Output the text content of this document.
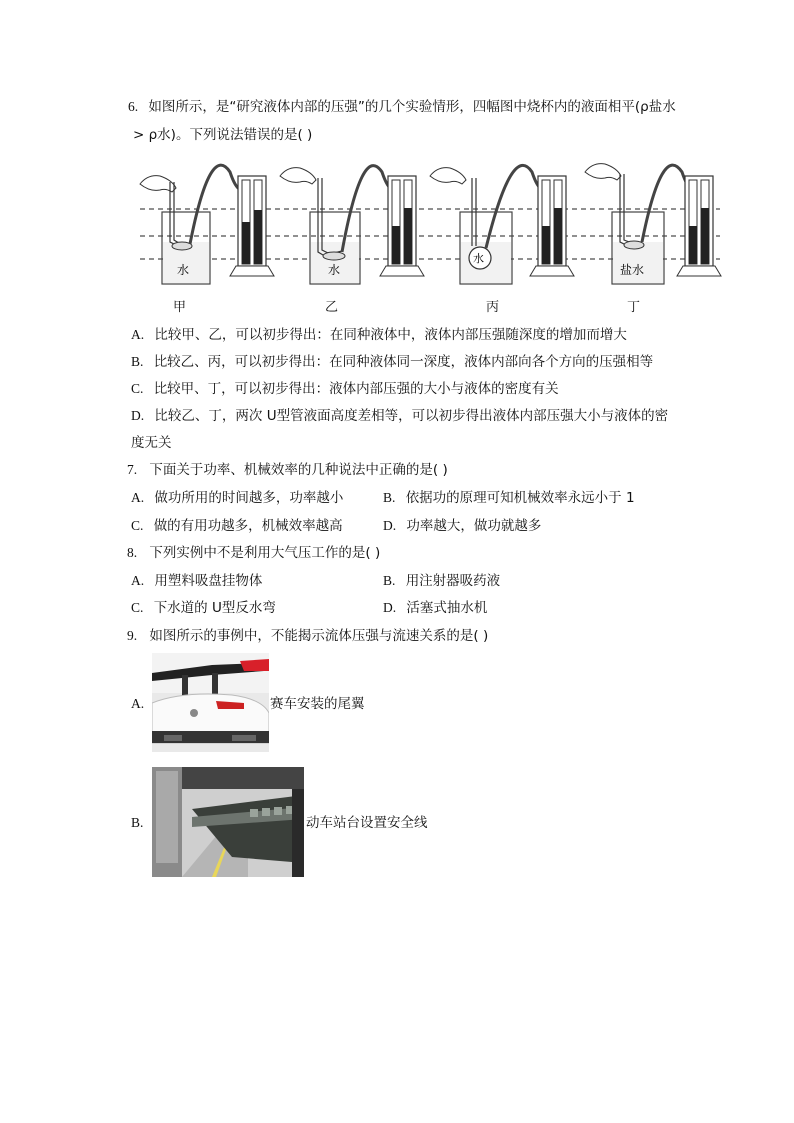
6. 如图所示，是“研究液体内部的压强”的几个实验情形，四幅图中烧杯内的液面相平(ρ盐水
> ρ水)。下列说法错误的是( )
水	水
水
盐水
甲	乙	丙	丁
A. 比较甲、乙，可以初步得出：在同种液体中，液体内部压强随深度的增加而增大
B. 比较乙、丙，可以初步得出：在同种液体同一深度，液体内部向各个方向的压强相等
C. 比较甲、丁，可以初步得出：液体内部压强的大小与液体的密度有关
D. 比较乙、丁，两次 U型管液面高度差相等，可以初步得出液体内部压强大小与液体的密
度无关
7. 下面关于功率、机械效率的几种说法中正确的是( )
A. 做功所用的时间越多，功率越小	B. 依据功的原理可知机械效率永远小于 1
C. 做的有用功越多，机械效率越高	D. 功率越大，做功就越多
8. 下列实例中不是利用大气压工作的是( )
A. 用塑料吸盘挂物体	B. 用注射器吸药液
C. 下水道的 U型反水弯	D. 活塞式抽水机
9. 如图所示的事例中，不能揭示流体压强与流速关系的是( )
A.	赛车安装的尾翼
B.	动车站台设置安全线
